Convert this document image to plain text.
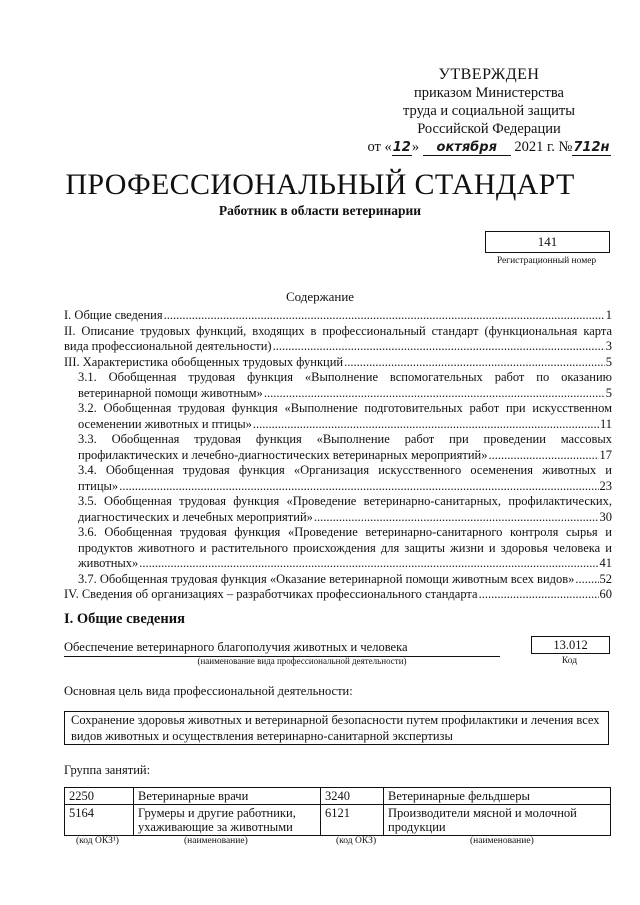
УТВЕРЖДЕН
приказом Министерства
труда и социальной защиты
Российской Федерации
от «12» октября 2021 г. №712н
ПРОФЕССИОНАЛЬНЫЙ СТАНДАРТ
Работник в области ветеринарии
141
Регистрационный номер
Содержание
I. Общие сведения .....	1
II. Описание трудовых функций, входящих в профессиональный стандарт (функциональная карта
вида профессиональной деятельности) .....	3
III. Характеристика обобщенных трудовых функций .....	5
3.1. Обобщенная трудовая функция «Выполнение вспомогательных работ по оказанию
ветеринарной помощи животным» .....	5
3.2. Обобщенная трудовая функция «Выполнение подготовительных работ при искусственном
осеменении животных и птицы» .....	11
3.3. Обобщенная трудовая функция «Выполнение работ при проведении массовых
профилактических и лечебно-диагностических ветеринарных мероприятий» .....	17
3.4. Обобщенная трудовая функция «Организация искусственного осеменения животных и
птицы» .....	23
3.5. Обобщенная трудовая функция «Проведение ветеринарно-санитарных, профилактических,
диагностических и лечебных мероприятий» .....	30
3.6. Обобщенная трудовая функция «Проведение ветеринарно-санитарного контроля сырья и продуктов животного и растительного происхождения для защиты жизни и здоровья человека и
животных» .....	41
3.7. Обобщенная трудовая функция «Оказание ветеринарной помощи животным всех видов» ..... 52
IV. Сведения об организациях – разработчиках профессионального стандарта .....	60
I. Общие сведения
Обеспечение ветеринарного благополучия животных и человека
(наименование вида профессиональной деятельности)
13.012
Код
Основная цель вида профессиональной деятельности:
Сохранение здоровья животных и ветеринарной безопасности путем профилактики и лечения всех видов животных и осуществления ветеринарно-санитарной экспертизы
Группа занятий:
2250	Ветеринарные врачи	3240	Ветеринарные фельдшеры
5164	Грумеры и другие работники, ухаживающие за животными	6121	Производители мясной и молочной продукции
(код ОКЗ¹)	(наименование)	(код ОКЗ)	(наименование)
